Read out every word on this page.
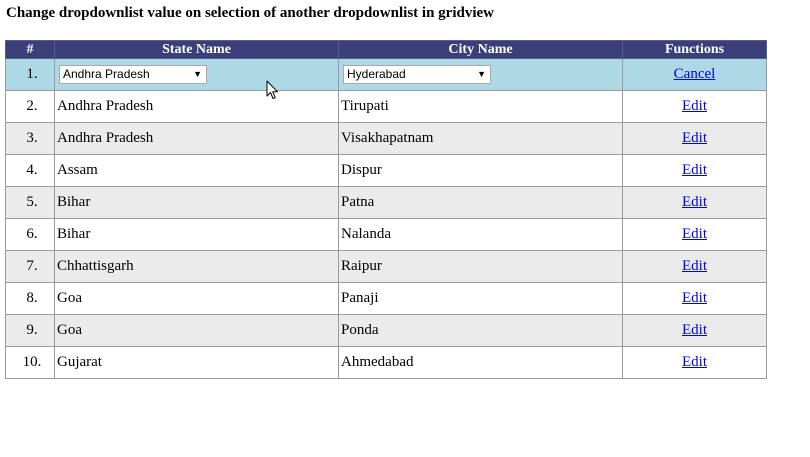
Change dropdownlist value on selection of another dropdownlist in gridview
#	State Name	City Name	Functions
1.	Andhra Pradesh ▼	Hyderabad ▼	Cancel
2.	Andhra Pradesh	Tirupati	Edit
3.	Andhra Pradesh	Visakhapatnam	Edit
4.	Assam	Dispur	Edit
5.	Bihar	Patna	Edit
6.	Bihar	Nalanda	Edit
7.	Chhattisgarh	Raipur	Edit
8.	Goa	Panaji	Edit
9.	Goa	Ponda	Edit
10.	Gujarat	Ahmedabad	Edit
